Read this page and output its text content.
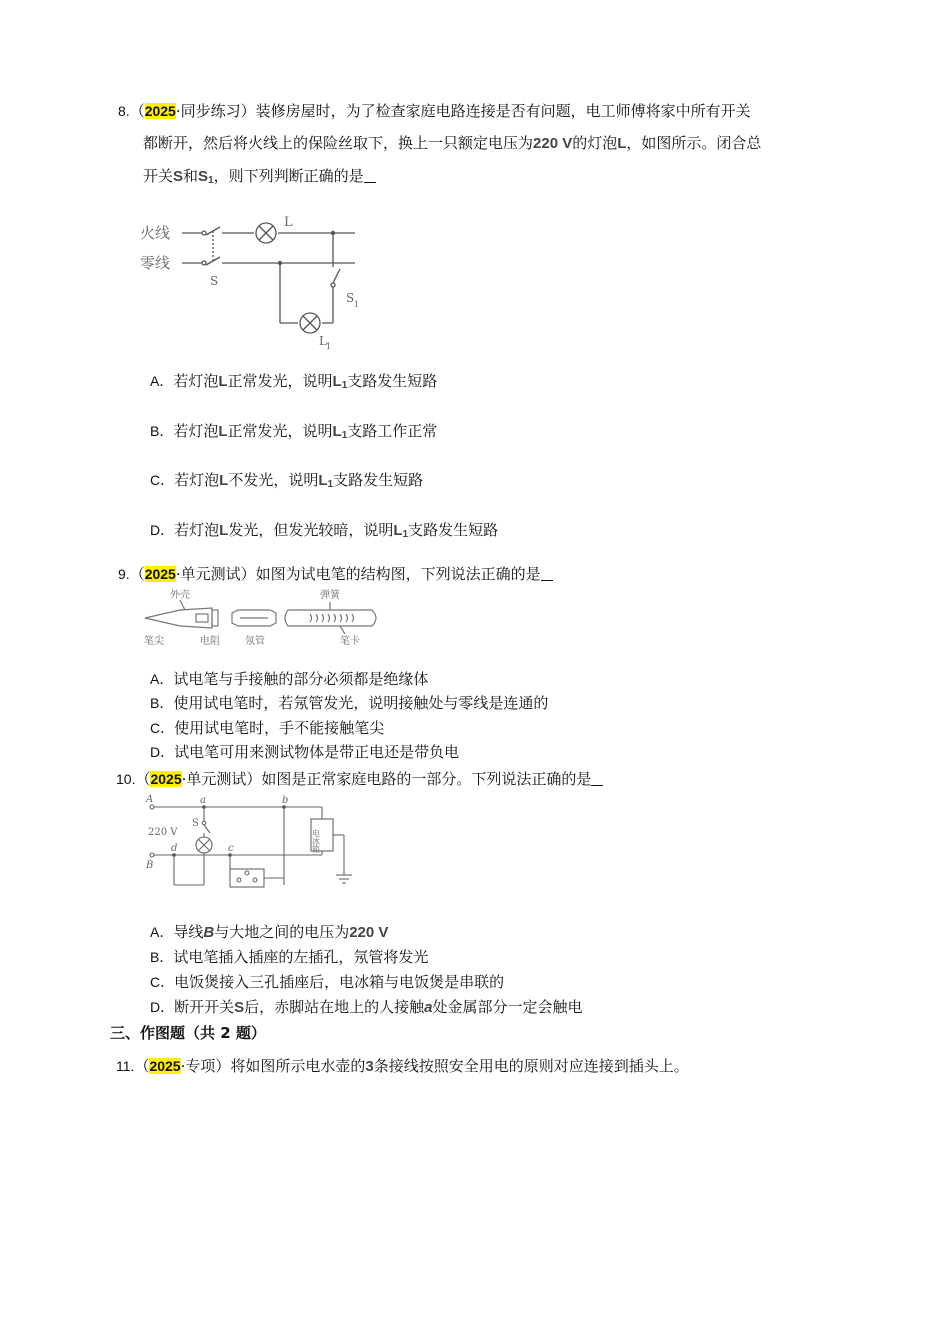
8.（2025·同步练习）装修房屋时，为了检查家庭电路连接是否有问题，电工师傅将家中所有开关
都断开，然后将火线上的保险丝取下，换上一只额定电压为220 V的灯泡L，如图所示。闭合总
开关S和$S_1$，则下列判断正确的是
火线
零线
S
L
S 1
L 1
A．若灯泡L正常发光，说明$L_1$支路发生短路
B．若灯泡L正常发光，说明$L_1$支路工作正常
C．若灯泡L不发光，说明$L_1$支路发生短路
D．若灯泡L发光，但发光较暗，说明$L_1$支路发生短路
9.（2025·单元测试）如图为试电笔的结构图，下列说法正确的是
外壳	弹簧
笔尖	电阻	氖管	笔卡
A．试电笔与手接触的部分必须都是绝缘体
B．使用试电笔时，若氖管发光，说明接触处与零线是连通的
C．使用试电笔时，手不能接触笔尖
D．试电笔可用来测试物体是带正电还是带负电
10.（2025·单元测试）如图是正常家庭电路的一部分。下列说法正确的是
A
B
a	b
c
d
S
220 V	电冰箱
A．导线B与大地之间的电压为220 V
B．试电笔插入插座的左插孔，氖管将发光
C．电饭煲接入三孔插座后，电冰箱与电饭煲是串联的
D．断开开关S后，赤脚站在地上的人接触a处金属部分一定会触电
三、作图题（共 2 题）
11.（2025·专项）将如图所示电水壶的3条接线按照安全用电的原则对应连接到插头上。
